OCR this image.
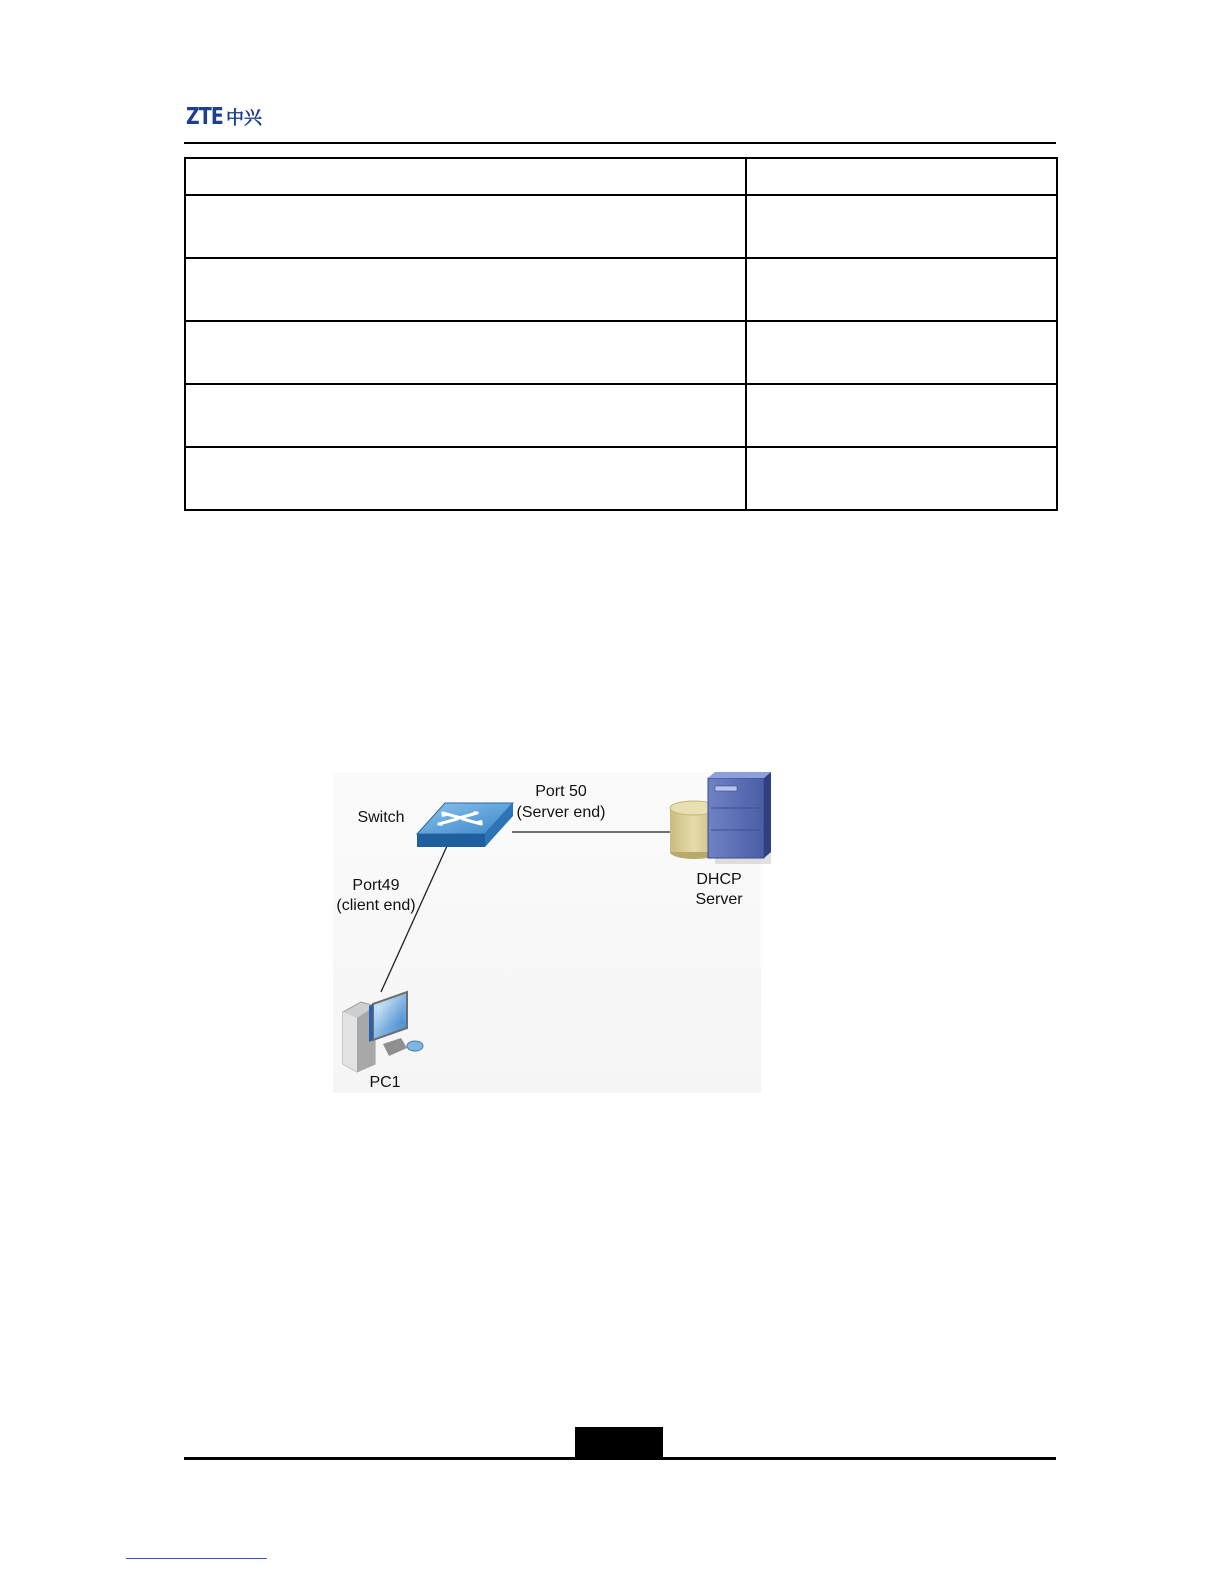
ZTE 中兴

Switch
Port 50
(Server end)
Port49
(client end)
DHCP
Server
PC1
